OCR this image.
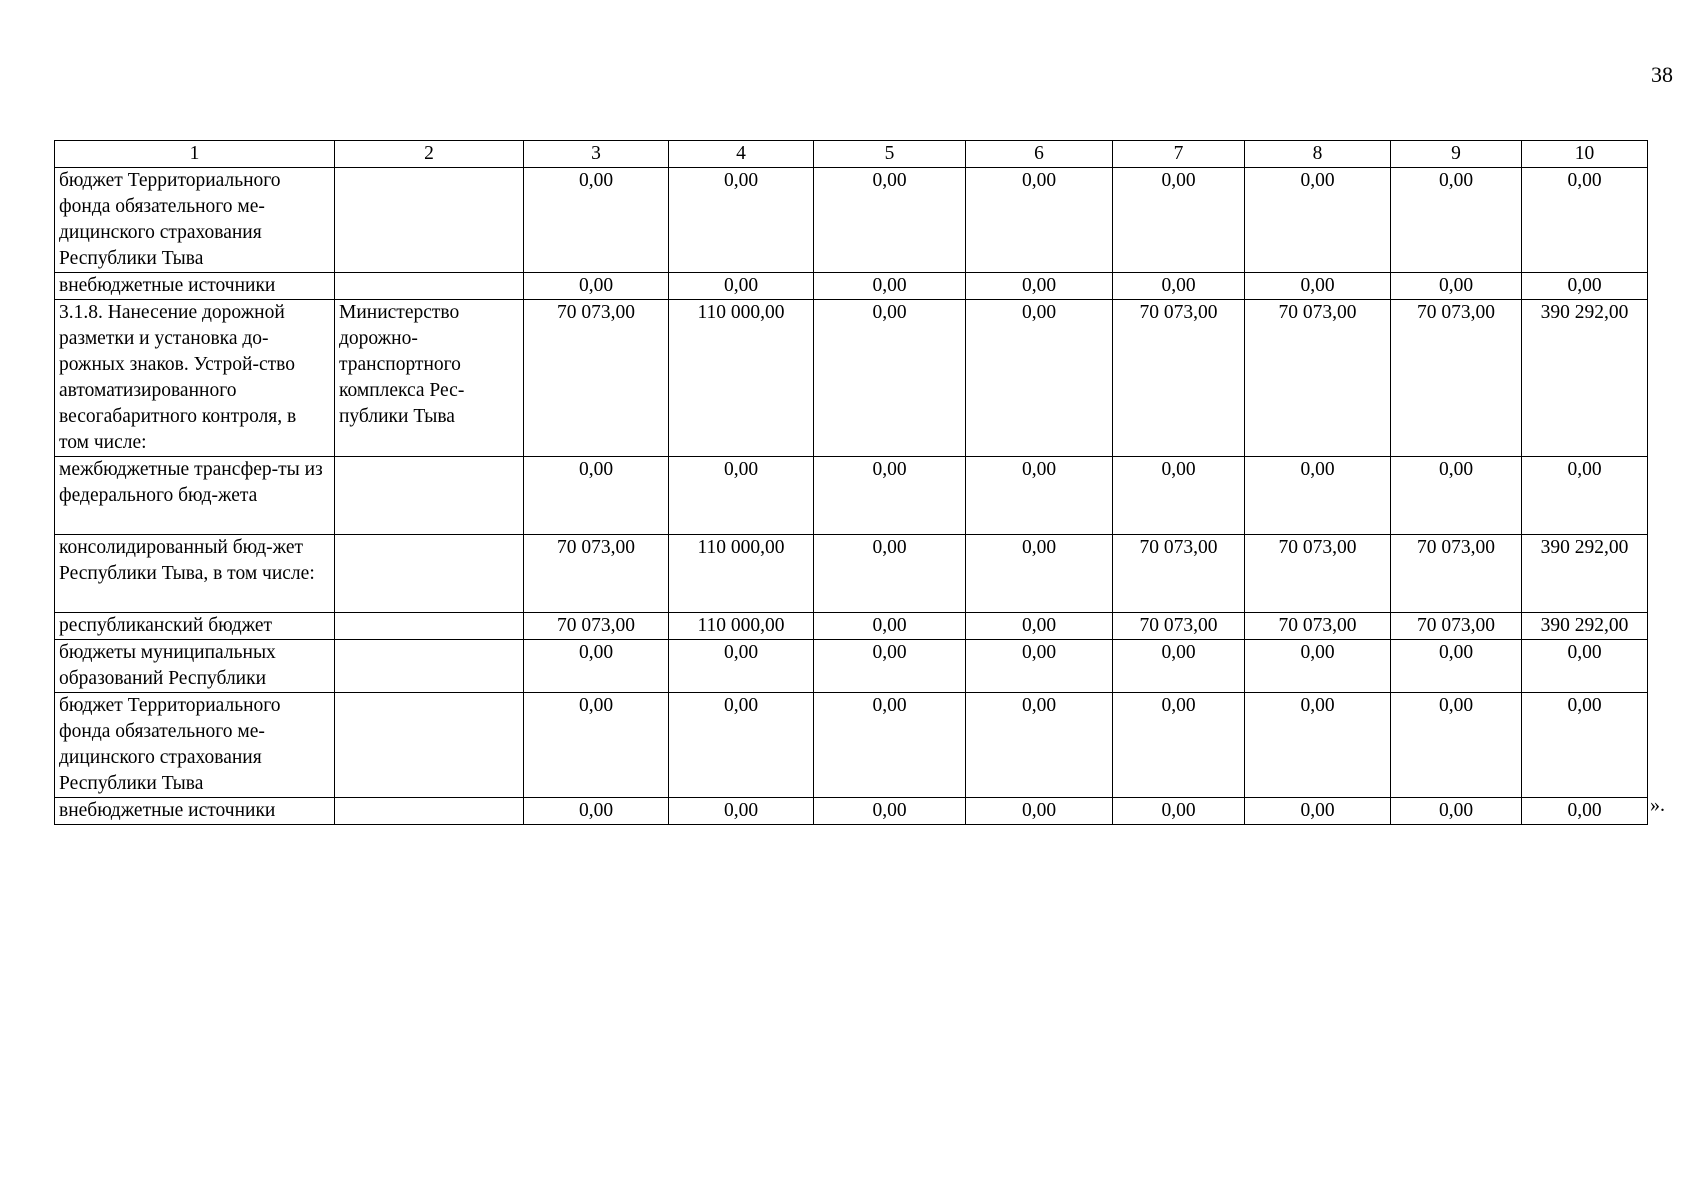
38
1	2	3	4	5	6	7	8	9	10
бюджет Территориального фонда обязательного ме-дицинского страхования Республики Тыва		0,00	0,00	0,00	0,00	0,00	0,00	0,00	0,00
внебюджетные источники		0,00	0,00	0,00	0,00	0,00	0,00	0,00	0,00
3.1.8. Нанесение дорожной разметки и установка до-рожных знаков. Устрой-ство автоматизированного весогабаритного контроля, в том числе:	Министерство дорожно-транспортного комплекса Рес-публики Тыва	70 073,00	110 000,00	0,00	0,00	70 073,00	70 073,00	70 073,00	390 292,00
межбюджетные трансфер-ты из федерального бюд-жета		0,00	0,00	0,00	0,00	0,00	0,00	0,00	0,00
консолидированный бюд-жет Республики Тыва, в том числе:		70 073,00	110 000,00	0,00	0,00	70 073,00	70 073,00	70 073,00	390 292,00
республиканский бюджет		70 073,00	110 000,00	0,00	0,00	70 073,00	70 073,00	70 073,00	390 292,00
бюджеты муниципальных образований Республики		0,00	0,00	0,00	0,00	0,00	0,00	0,00	0,00
бюджет Территориального фонда обязательного ме-дицинского страхования Республики Тыва		0,00	0,00	0,00	0,00	0,00	0,00	0,00	0,00
внебюджетные источники		0,00	0,00	0,00	0,00	0,00	0,00	0,00	0,00 ».
